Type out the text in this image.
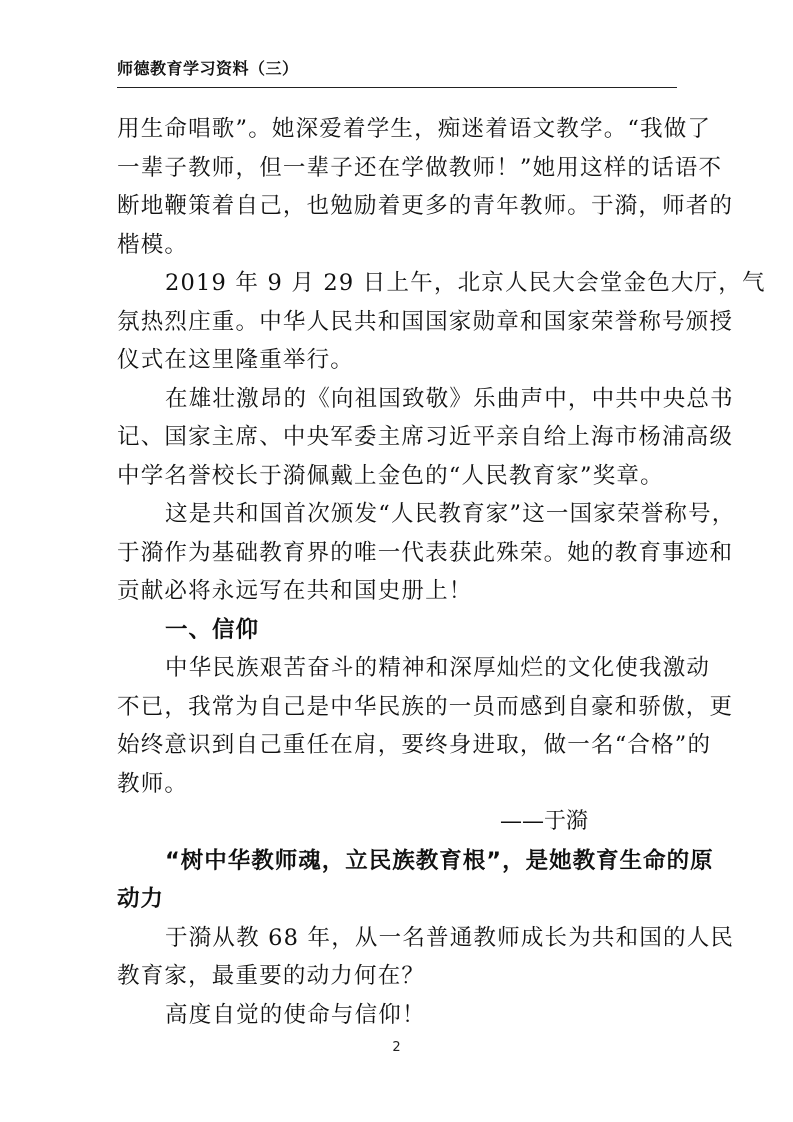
师德教育学习资料（三）
用生命唱歌”。她深爱着学生，痴迷着语文教学。“我做了
一辈子教师，但一辈子还在学做教师！”她用这样的话语不
断地鞭策着自己，也勉励着更多的青年教师。于漪，师者的
楷模。
2019 年 9 月 29 日上午，北京人民大会堂金色大厅，气
氛热烈庄重。中华人民共和国国家勋章和国家荣誉称号颁授
仪式在这里隆重举行。
在雄壮激昂的《向祖国致敬》乐曲声中，中共中央总书
记、国家主席、中央军委主席习近平亲自给上海市杨浦高级
中学名誉校长于漪佩戴上金色的“人民教育家”奖章。
这是共和国首次颁发“人民教育家”这一国家荣誉称号，
于漪作为基础教育界的唯一代表获此殊荣。她的教育事迹和
贡献必将永远写在共和国史册上！
一、信仰
中华民族艰苦奋斗的精神和深厚灿烂的文化使我激动
不已，我常为自己是中华民族的一员而感到自豪和骄傲，更
始终意识到自己重任在肩，要终身进取，做一名“合格”的
教师。
——于漪
“树中华教师魂，立民族教育根”，是她教育生命的原
动力
2
于漪从教 68 年，从一名普通教师成长为共和国的人民
教育家，最重要的动力何在？
高度自觉的使命与信仰！
